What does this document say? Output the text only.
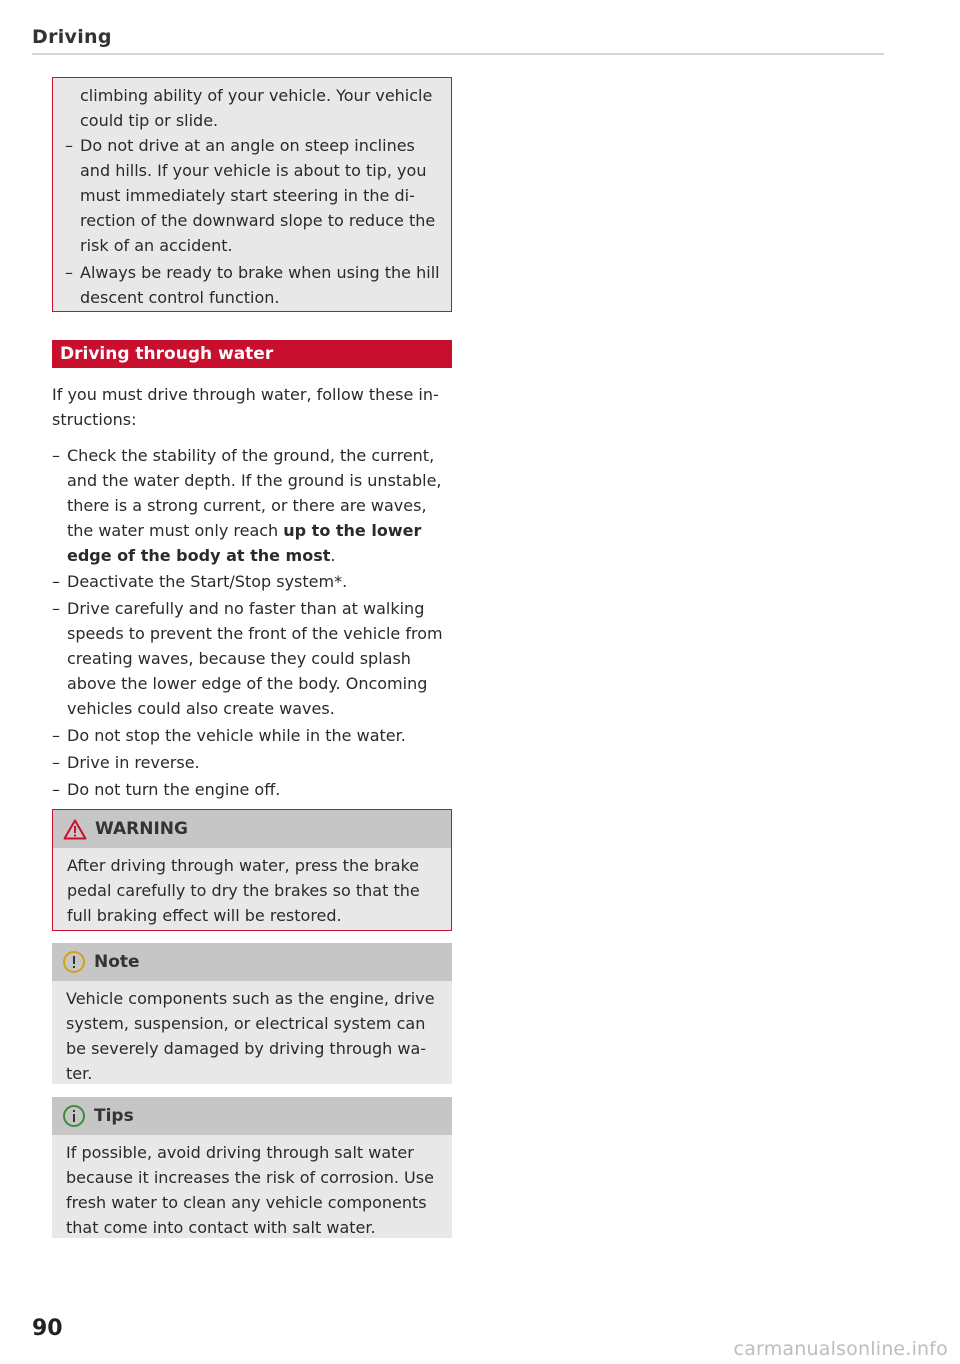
Driving
climbing ability of your vehicle. Your vehicle could tip or slide.
– Do not drive at an angle on steep inclines and hills. If your vehicle is about to tip, you must immediately start steering in the di- rection of the downward slope to reduce the risk of an accident.
– Always be ready to brake when using the hill descent control function.
Driving through water
If you must drive through water, follow these in- structions:
– Check the stability of the ground, the current, and the water depth. If the ground is unstable, there is a strong current, or there are waves, the water must only reach up to the lower edge of the body at the most.
– Deactivate the Start/Stop system*.
– Drive carefully and no faster than at walking speeds to prevent the front of the vehicle from creating waves, because they could splash above the lower edge of the body. Oncoming vehicles could also create waves.
– Do not stop the vehicle while in the water.
– Drive in reverse.
– Do not turn the engine off.
WARNING
After driving through water, press the brake pedal carefully to dry the brakes so that the full braking effect will be restored.
Note
Vehicle components such as the engine, drive system, suspension, or electrical system can be severely damaged by driving through wa- ter.
Tips
If possible, avoid driving through salt water because it increases the risk of corrosion. Use fresh water to clean any vehicle components that come into contact with salt water.
90
carmanualsonline.info
